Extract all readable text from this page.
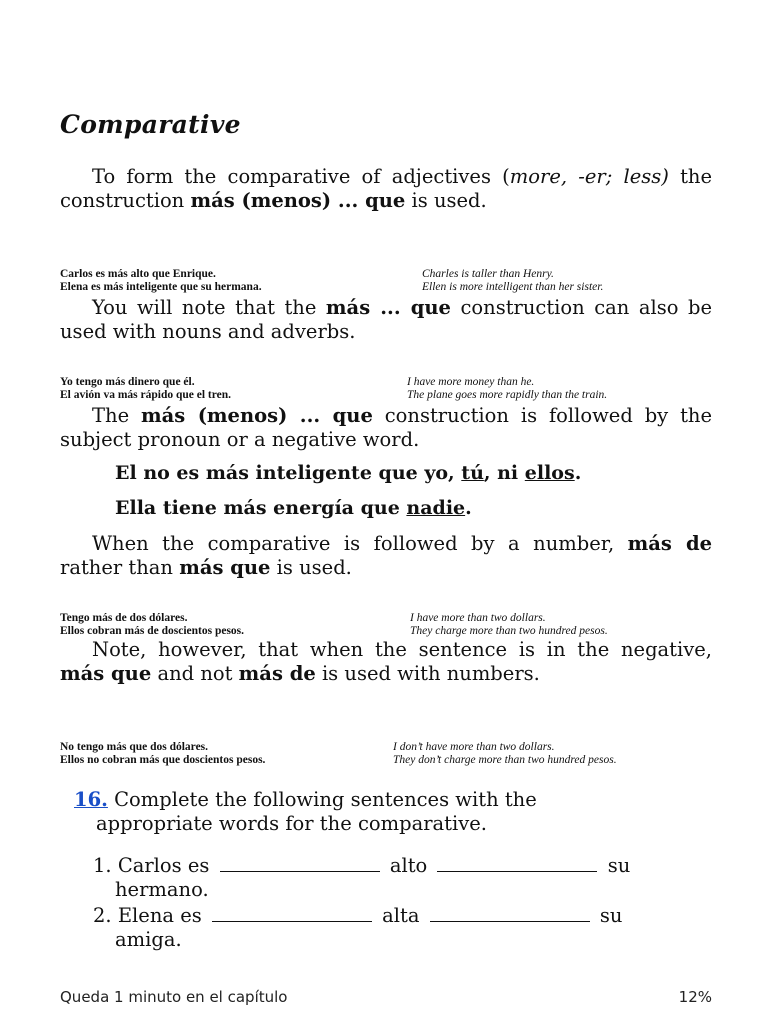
Comparative
To form the comparative of adjectives (more, -er; less) the construction más (menos) ... que is used.
Carlos es más alto que Enrique.	Charles is taller than Henry.
Elena es más inteligente que su hermana.	Ellen is more intelligent than her sister.
You will note that the más ... que construction can also be used with nouns and adverbs.
Yo tengo más dinero que él.	I have more money than he.
El avión va más rápido que el tren.	The plane goes more rapidly than the train.
The más (menos) ... que construction is followed by the subject pronoun or a negative word.
El no es más inteligente que yo, tú, ni ellos.
Ella tiene más energía que nadie.
When the comparative is followed by a number, más de rather than más que is used.
Tengo más de dos dólares.	I have more than two dollars.
Ellos cobran más de doscientos pesos.	They charge more than two hundred pesos.
Note, however, that when the sentence is in the negative, más que and not más de is used with numbers.
No tengo más que dos dólares.	I don’t have more than two dollars.
Ellos no cobran más que doscientos pesos.	They don’t charge more than two hundred pesos.
16. Complete the following sentences with the
appropriate words for the comparative.
1. Carlos es	alto	su
hermano.
2. Elena es	alta	su
amiga.
Queda 1 minuto en el capítulo	12%
